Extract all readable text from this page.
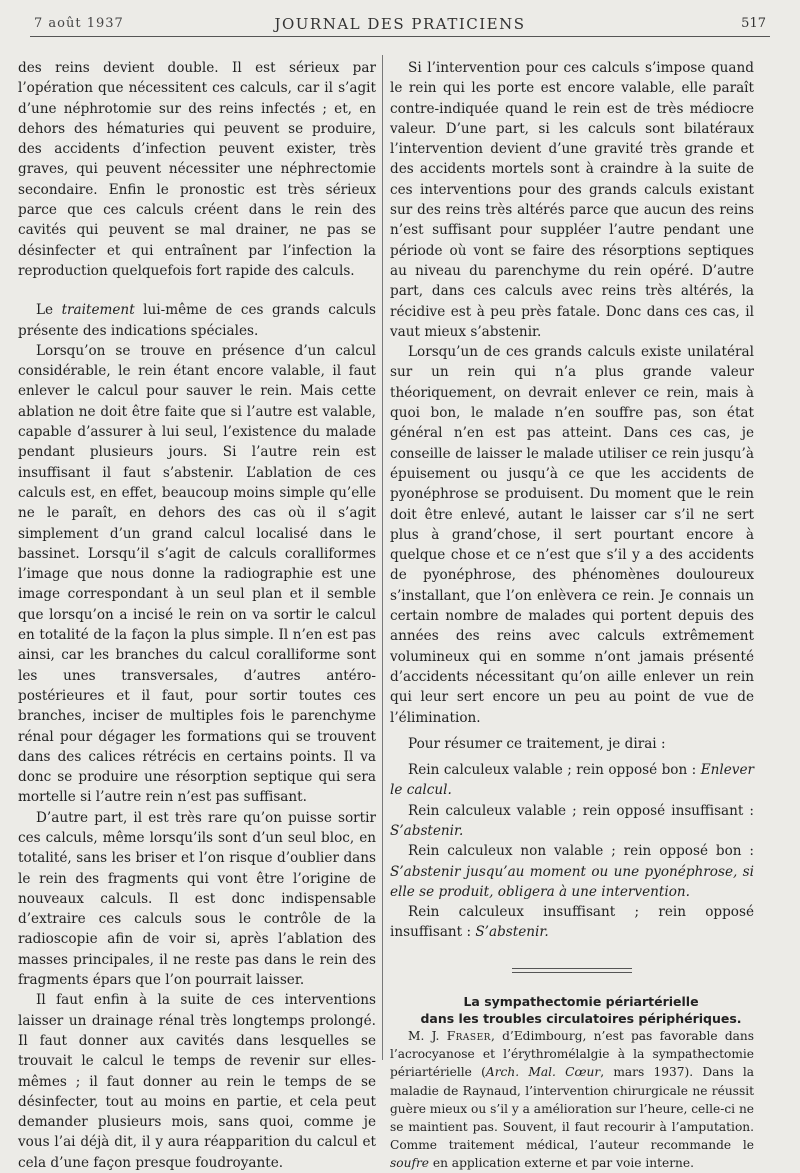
7 août 1937	JOURNAL DES PRATICIENS	517

des reins devient double. Il est sérieux par l’opération que nécessitent ces calculs, car il s’agit d’une néphrotomie sur des reins infectés ; et, en dehors des hématuries qui peuvent se produire, des accidents d’infection peuvent exister, très graves, qui peuvent nécessiter une néphrectomie secondaire. Enfin le pronostic est très sérieux parce que ces calculs créent dans le rein des cavités qui peuvent se mal drainer, ne pas se désinfecter et qui entraînent par l’infection la reproduction quelquefois fort rapide des calculs.

Le traitement lui-même de ces grands calculs présente des indications spéciales.

Lorsqu’on se trouve en présence d’un calcul considérable, le rein étant encore valable, il faut enlever le calcul pour sauver le rein. Mais cette ablation ne doit être faite que si l’autre est valable, capable d’assurer à lui seul, l’existence du malade pendant plusieurs jours. Si l’autre rein est insuffisant il faut s’abstenir. L’ablation de ces calculs est, en effet, beaucoup moins simple qu’elle ne le paraît, en dehors des cas où il s’agit simplement d’un grand calcul localisé dans le bassinet. Lorsqu’il s’agit de calculs coralliformes l’image que nous donne la radiographie est une image correspondant à un seul plan et il semble que lorsqu’on a incisé le rein on va sortir le calcul en totalité de la façon la plus simple. Il n’en est pas ainsi, car les branches du calcul coralliforme sont les unes transversales, d’autres antéro-postérieures et il faut, pour sortir toutes ces branches, inciser de multiples fois le parenchyme rénal pour dégager les formations qui se trouvent dans des calices rétrécis en certains points. Il va donc se produire une résorption septique qui sera mortelle si l’autre rein n’est pas suffisant.

D’autre part, il est très rare qu’on puisse sortir ces calculs, même lorsqu’ils sont d’un seul bloc, en totalité, sans les briser et l’on risque d’oublier dans le rein des fragments qui vont être l’origine de nouveaux calculs. Il est donc indispensable d’extraire ces calculs sous le contrôle de la radioscopie afin de voir si, après l’ablation des masses principales, il ne reste pas dans le rein des fragments épars que l’on pourrait laisser.

Il faut enfin à la suite de ces interventions laisser un drainage rénal très longtemps prolongé. Il faut donner aux cavités dans lesquelles se trouvait le calcul le temps de revenir sur elles-mêmes ; il faut donner au rein le temps de se désinfecter, tout au moins en partie, et cela peut demander plusieurs mois, sans quoi, comme je vous l’ai déjà dit, il y aura réapparition du calcul et cela d’une façon presque foudroyante.

Si l’intervention pour ces calculs s’impose quand le rein qui les porte est encore valable, elle paraît contre-indiquée quand le rein est de très médiocre valeur. D’une part, si les calculs sont bilatéraux l’intervention devient d’une gravité très grande et des accidents mortels sont à craindre à la suite de ces interventions pour des grands calculs existant sur des reins très altérés parce que aucun des reins n’est suffisant pour suppléer l’autre pendant une période où vont se faire des résorptions septiques au niveau du parenchyme du rein opéré. D’autre part, dans ces calculs avec reins très altérés, la récidive est à peu près fatale. Donc dans ces cas, il vaut mieux s’abstenir.

Lorsqu’un de ces grands calculs existe unilatéral sur un rein qui n’a plus grande valeur théoriquement, on devrait enlever ce rein, mais à quoi bon, le malade n’en souffre pas, son état général n’en est pas atteint. Dans ces cas, je conseille de laisser le malade utiliser ce rein jusqu’à épuisement ou jusqu’à ce que les accidents de pyonéphrose se produisent. Du moment que le rein doit être enlevé, autant le laisser car s’il ne sert plus à grand’chose, il sert pourtant encore à quelque chose et ce n’est que s’il y a des accidents de pyonéphrose, des phénomènes douloureux s’installant, que l’on enlèvera ce rein. Je connais un certain nombre de malades qui portent depuis des années des reins avec calculs extrêmement volumineux qui en somme n’ont jamais présenté d’accidents nécessitant qu’on aille enlever un rein qui leur sert encore un peu au point de vue de l’élimination.

Pour résumer ce traitement, je dirai :

Rein calculeux valable ; rein opposé bon : Enlever le calcul.

Rein calculeux valable ; rein opposé insuffisant : S’abstenir.

Rein calculeux non valable ; rein opposé bon : S’abstenir jusqu’au moment ou une pyonéphrose, si elle se produit, obligera à une intervention.

Rein calculeux insuffisant ; rein opposé insuffisant : S’abstenir.

La sympathectomie périartérielle

dans les troubles circulatoires périphériques.

M. J. Fraser, d’Edimbourg, n’est pas favorable dans l’acrocyanose et l’érythromélalgie à la sympathectomie périartérielle (Arch. Mal. Cœur, mars 1937). Dans la maladie de Raynaud, l’intervention chirurgicale ne réussit guère mieux ou s’il y a amélioration sur l’heure, celle-ci ne se maintient pas. Souvent, il faut recourir à l’amputation. Comme traitement médical, l’auteur recommande le soufre en application externe et par voie interne.
